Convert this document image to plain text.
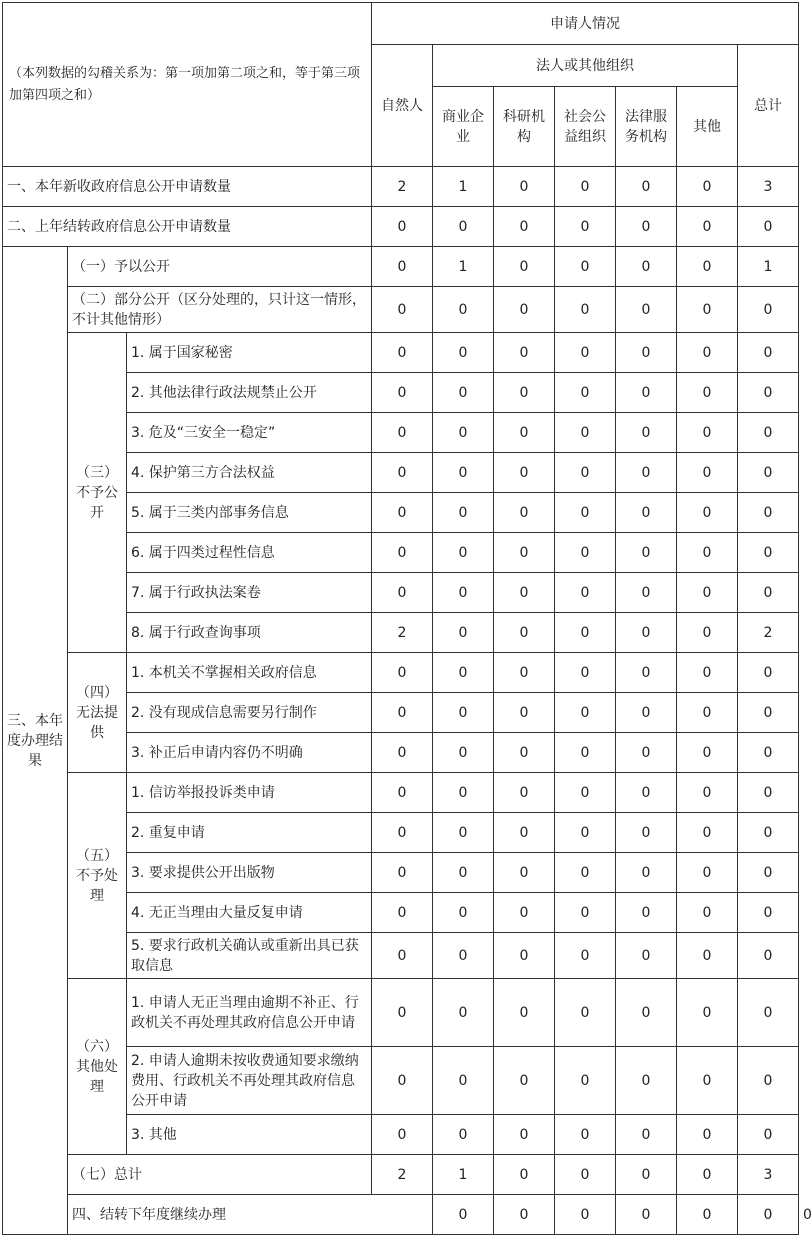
（本列数据的勾稽关系为：第一项加第二项之和，等于第三项加第四项之和）			申请人情况							
			自然人	法人或其他组织					总计	
				商业企业	科研机构	社会公益组织	法律服务机构	其他		
一、本年新收政府信息公开申请数量			2	1	0	0	0	0	3	
二、上年结转政府信息公开申请数量			0	0	0	0	0	0	0	
三、本年度办理结果	（一）予以公开		0	1	0	0	0	0	1	
	（二）部分公开（区分处理的，只计这一情形，不计其他情形）		0	0	0	0	0	0	0	
	（三）不予公开	1. 属于国家秘密	0	0	0	0	0	0	0	
		2. 其他法律行政法规禁止公开	0	0	0	0	0	0	0	
		3. 危及“三安全一稳定”	0	0	0	0	0	0	0	
		4. 保护第三方合法权益	0	0	0	0	0	0	0	
		5. 属于三类内部事务信息	0	0	0	0	0	0	0	
		6. 属于四类过程性信息	0	0	0	0	0	0	0	
		7. 属于行政执法案卷	0	0	0	0	0	0	0	
		8. 属于行政查询事项	2	0	0	0	0	0	2	
	（四）无法提供	1. 本机关不掌握相关政府信息	0	0	0	0	0	0	0	
		2. 没有现成信息需要另行制作	0	0	0	0	0	0	0	
		3. 补正后申请内容仍不明确	0	0	0	0	0	0	0	
	（五）不予处理	1. 信访举报投诉类申请	0	0	0	0	0	0	0	
		2. 重复申请	0	0	0	0	0	0	0	
		3. 要求提供公开出版物	0	0	0	0	0	0	0	
		4. 无正当理由大量反复申请	0	0	0	0	0	0	0	
		5. 要求行政机关确认或重新出具已获取信息	0	0	0	0	0	0	0	
	（六）其他处理	1. 申请人无正当理由逾期不补正、行政机关不再处理其政府信息公开申请	0	0	0	0	0	0	0	
		2. 申请人逾期未按收费通知要求缴纳费用、行政机关不再处理其政府信息公开申请	0	0	0	0	0	0	0	
		3. 其他	0	0	0	0	0	0	0	
	（七）总计		2	1	0	0	0	0	3	
	四、结转下年度继续办理			0	0	0	0	0	0	0
